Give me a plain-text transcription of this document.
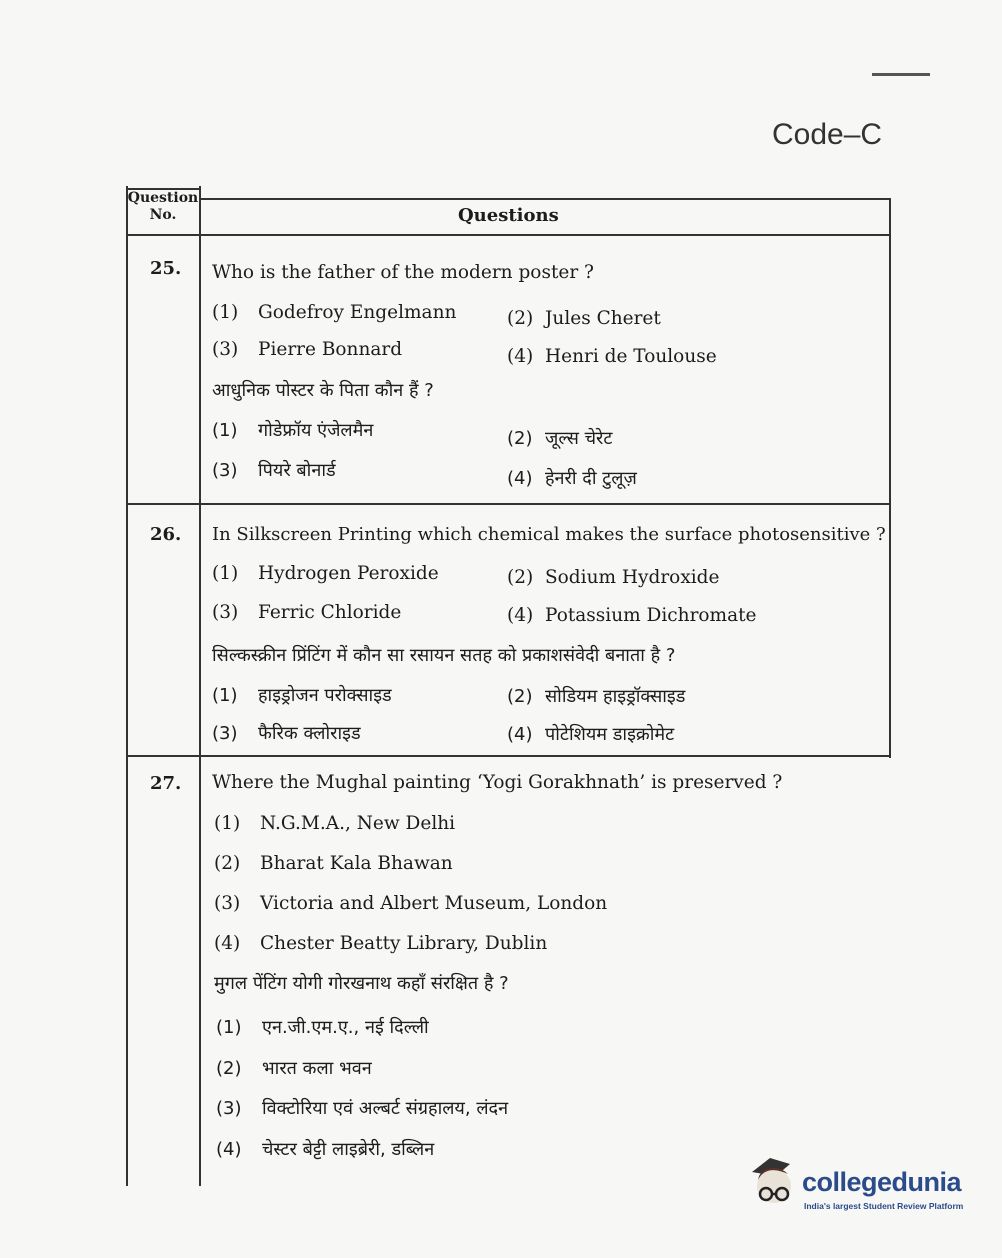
Code–C
Question
No.	Questions
25. Who is the father of the modern poster ?
(1) Godefroy Engelmann	(2) Jules Cheret
(3) Pierre Bonnard	(4) Henri de Toulouse
आधुनिक पोस्टर के पिता कौन हैं ?
(1) गोडेफ्रॉय एंजेलमैन	(2) जूल्स चेरेट
(3) पियरे बोनार्ड	(4) हेनरी दी टुलूज़
26. In Silkscreen Printing which chemical makes the surface photosensitive ?
(1) Hydrogen Peroxide	(2) Sodium Hydroxide
(3) Ferric Chloride	(4) Potassium Dichromate
सिल्कस्क्रीन प्रिंटिंग में कौन सा रसायन सतह को प्रकाशसंवेदी बनाता है ?
(1) हाइड्रोजन परोक्साइड	(2) सोडियम हाइड्रॉक्साइड
(3) फैरिक क्लोराइड	(4) पोटेशियम डाइक्रोमेट
27. Where the Mughal painting ‘Yogi Gorakhnath’ is preserved ?
(1) N.G.M.A., New Delhi
(2) Bharat Kala Bhawan
(3) Victoria and Albert Museum, London
(4) Chester Beatty Library, Dublin
मुगल पेंटिंग योगी गोरखनाथ कहाँ संरक्षित है ?
(1) एन.जी.एम.ए., नई दिल्ली
(2) भारत कला भवन
(3) विक्टोरिया एवं अल्बर्ट संग्रहालय, लंदन
(4) चेस्टर बेट्टी लाइब्रेरी, डब्लिन
collegedunia
India's largest Student Review Platform
